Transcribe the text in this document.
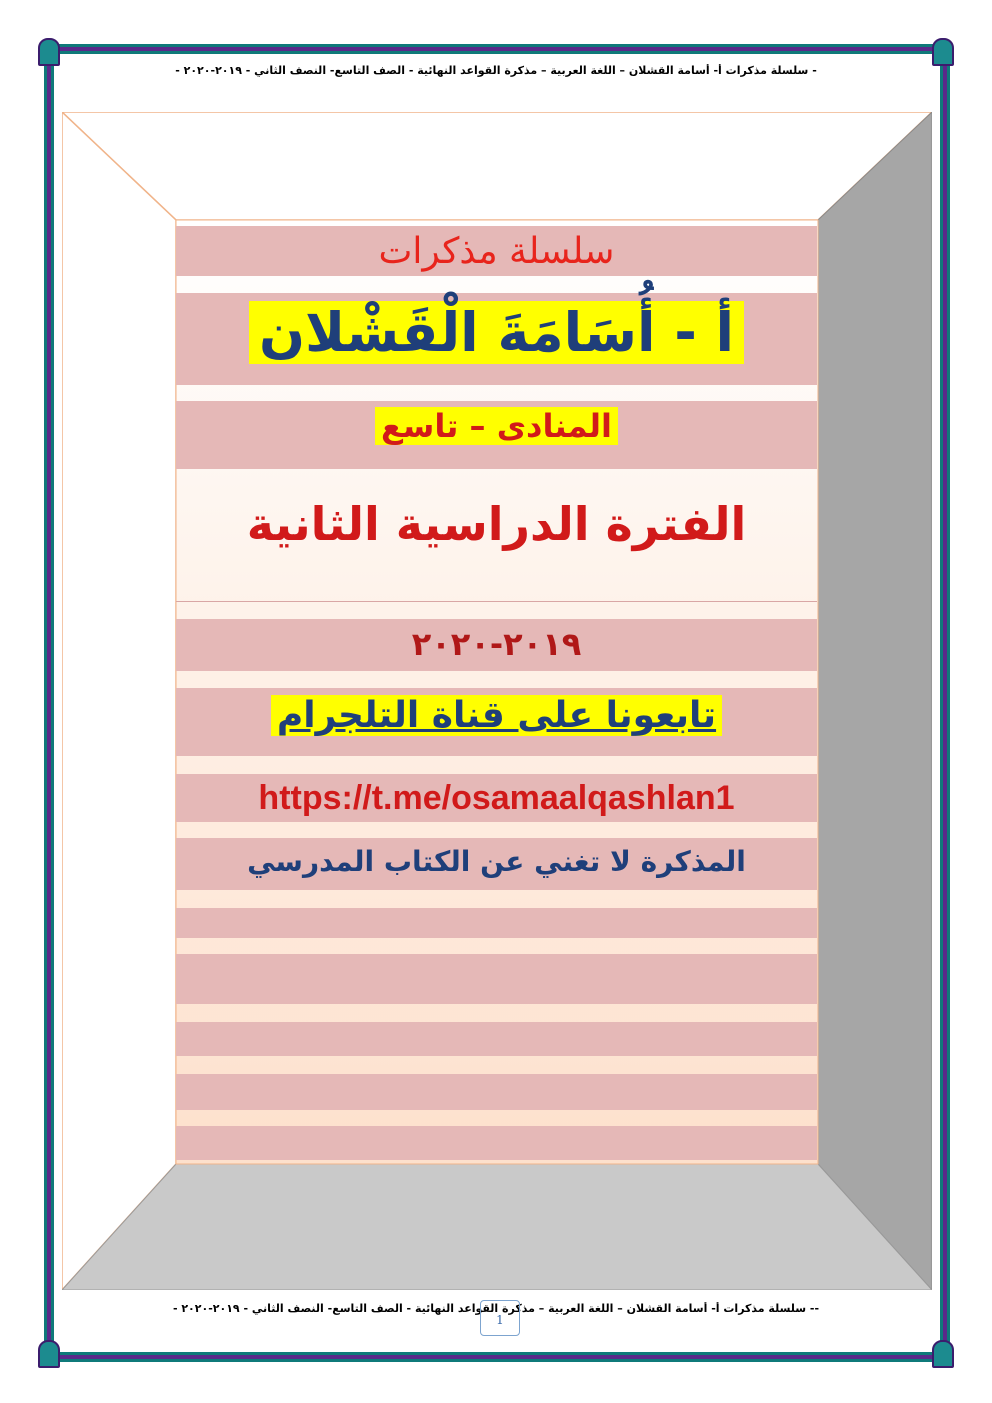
- سلسلة مذكرات أ- أسامة القشلان – اللغة العربية – مذكرة القواعد النهائية - الصف التاسع- النصف الثاني - ٢٠١٩-٢٠٢٠ -
سلسلة مذكرات
أ - أُسَامَةَ الْقَشْلان
المنادى – تاسع
الفترة الدراسية الثانية
٢٠١٩-٢٠٢٠
تابعونا على قناة التلجرام
https://t.me/osamaalqashlan1
المذكرة لا تغني عن الكتاب المدرسي
-- سلسلة مذكرات أ- أسامة القشلان – اللغة العربية – مذكرة القواعد النهائية - الصف التاسع- النصف الثاني - ٢٠١٩-٢٠٢٠ -
1
